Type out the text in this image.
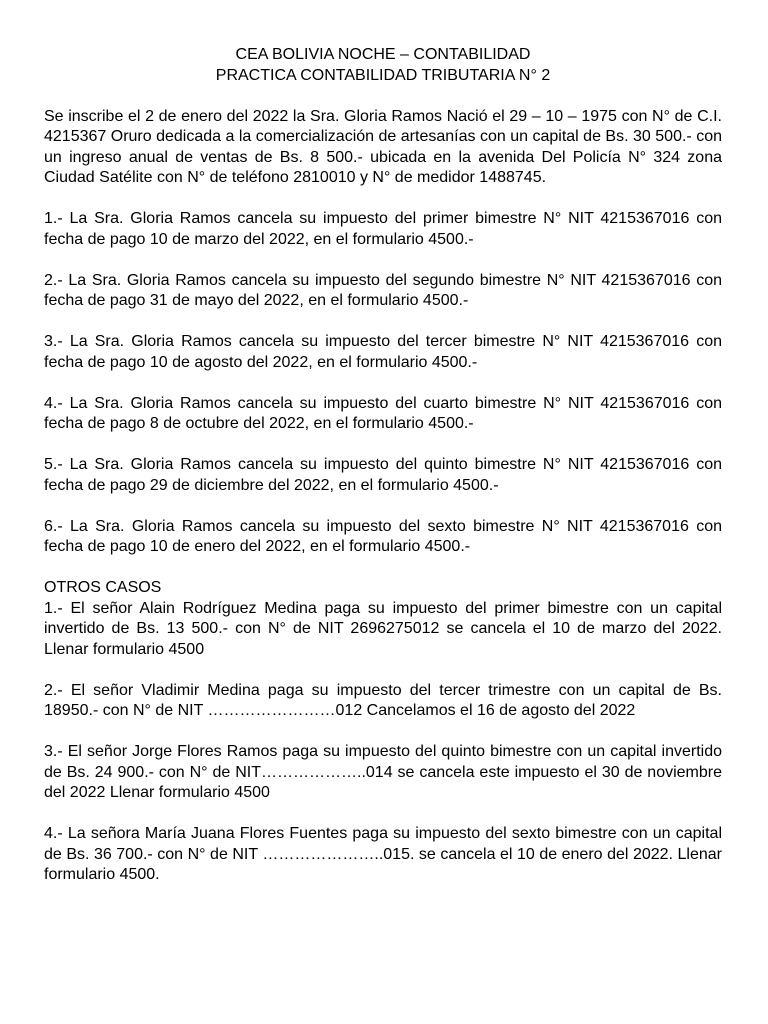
CEA BOLIVIA NOCHE – CONTABILIDAD
PRACTICA CONTABILIDAD TRIBUTARIA N° 2

Se inscribe el 2 de enero del 2022 la Sra. Gloria Ramos Nació el 29 – 10 – 1975 con N° de C.I. 4215367 Oruro dedicada a la comercialización de artesanías con un capital de Bs. 30 500.- con un ingreso anual de ventas de Bs. 8 500.- ubicada en la avenida Del Policía N° 324 zona Ciudad Satélite con N° de teléfono 2810010 y N° de medidor 1488745.

1.- La Sra. Gloria Ramos cancela su impuesto del primer bimestre N° NIT 4215367016 con fecha de pago 10 de marzo del 2022, en el formulario 4500.-

2.- La Sra. Gloria Ramos cancela su impuesto del segundo bimestre N° NIT 4215367016 con fecha de pago 31 de mayo del 2022, en el formulario 4500.-

3.- La Sra. Gloria Ramos cancela su impuesto del tercer bimestre N° NIT 4215367016 con fecha de pago 10 de agosto del 2022, en el formulario 4500.-

4.- La Sra. Gloria Ramos cancela su impuesto del cuarto bimestre N° NIT 4215367016 con fecha de pago 8 de octubre del 2022, en el formulario 4500.-

5.- La Sra. Gloria Ramos cancela su impuesto del quinto bimestre N° NIT 4215367016 con fecha de pago 29 de diciembre del 2022, en el formulario 4500.-

6.- La Sra. Gloria Ramos cancela su impuesto del sexto bimestre N° NIT 4215367016 con fecha de pago 10 de enero del 2022, en el formulario 4500.-

OTROS CASOS

1.- El señor Alain Rodríguez Medina paga su impuesto del primer bimestre con un capital invertido de Bs. 13 500.- con N° de NIT 2696275012 se cancela el 10 de marzo del 2022. Llenar formulario 4500

2.- El señor Vladimir Medina paga su impuesto del tercer trimestre con un capital de Bs. 18950.- con N° de NIT ……………………012 Cancelamos el 16 de agosto del 2022

3.- El señor Jorge Flores Ramos paga su impuesto del quinto bimestre con un capital invertido de Bs. 24 900.- con N° de NIT………………..014 se cancela este impuesto el 30 de noviembre del 2022 Llenar formulario 4500

4.- La señora María Juana Flores Fuentes paga su impuesto del sexto bimestre con un capital de Bs. 36 700.- con N° de NIT …………………..015. se cancela el 10 de enero del 2022. Llenar formulario 4500.
